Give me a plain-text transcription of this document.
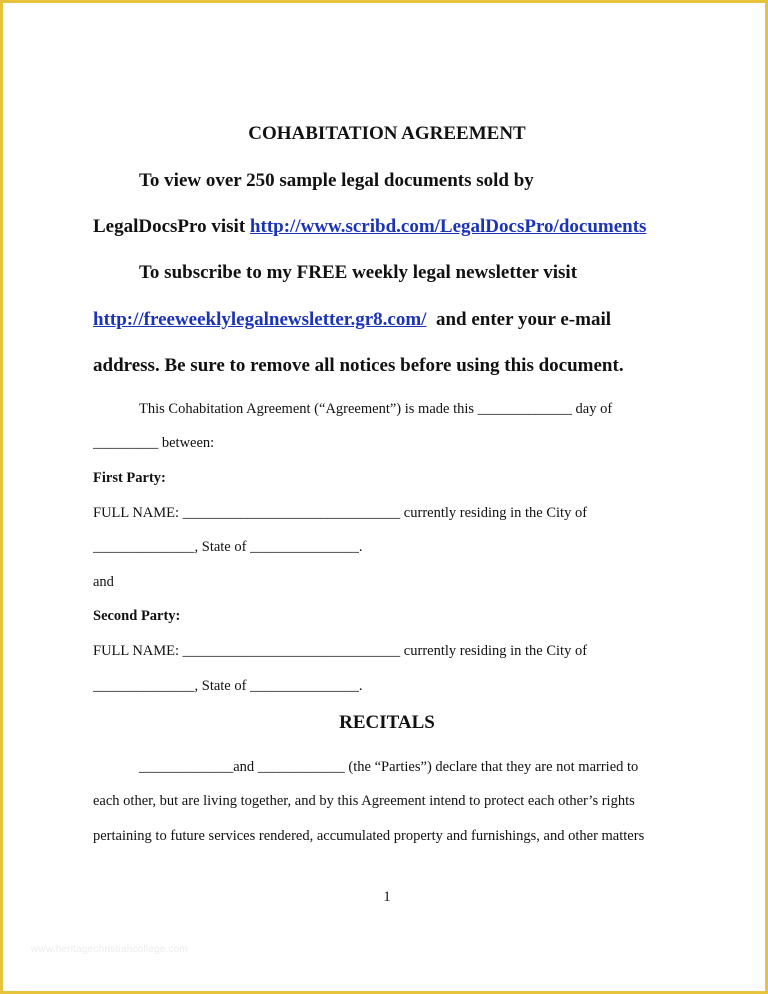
COHABITATION AGREEMENT
To view over 250 sample legal documents sold by
LegalDocsPro visit http://www.scribd.com/LegalDocsPro/documents
To subscribe to my FREE weekly legal newsletter visit
http://freeweeklylegalnewsletter.gr8.com/  and enter your e-mail
address. Be sure to remove all notices before using this document.
This Cohabitation Agreement (“Agreement”) is made this _____________ day of
_________ between:
First Party:
FULL NAME: ______________________________ currently residing in the City of
______________, State of _______________.
and
Second Party:
FULL NAME: ______________________________ currently residing in the City of
______________, State of _______________.
RECITALS
_____________and ____________ (the “Parties”) declare that they are not married to
each other, but are living together, and by this Agreement intend to protect each other’s rights
pertaining to future services rendered, accumulated property and furnishings, and other matters
1
www.heritagechristiancollege.com
